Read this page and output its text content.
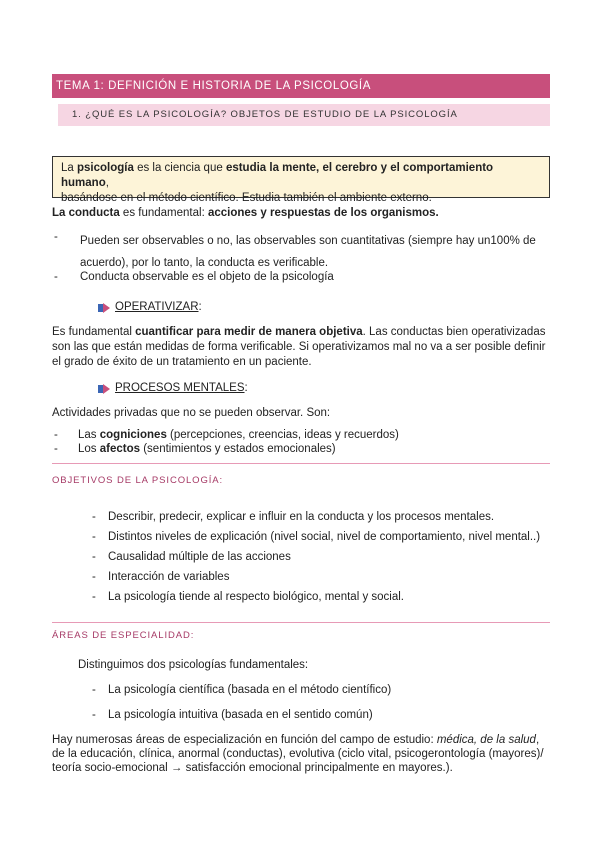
TEMA 1: DEFNICIÓN E HISTORIA DE LA PSICOLOGÍA
1. ¿QUÉ ES LA PSICOLOGÍA? OBJETOS DE ESTUDIO DE LA PSICOLOGÍA
La psicología es la ciencia que estudia la mente, el cerebro y el comportamiento humano,
basándose en el método científico. Estudia también el ambiente externo.
La conducta es fundamental: acciones y respuestas de los organismos.
- Pueden ser observables o no, las observables son cuantitativas (siempre hay un100% de
acuerdo), por lo tanto, la conducta es verificable.
- Conducta observable es el objeto de la psicología
OPERATIVIZAR:
Es fundamental cuantificar para medir de manera objetiva. Las conductas bien operativizadas
son las que están medidas de forma verificable. Si operativizamos mal no va a ser posible definir
el grado de éxito de un tratamiento en un paciente.
PROCESOS MENTALES:
Actividades privadas que no se pueden observar. Son:
- Las cogniciones (percepciones, creencias, ideas y recuerdos)
- Los afectos (sentimientos y estados emocionales)
OBJETIVOS DE LA PSICOLOGÍA:
- Describir, predecir, explicar e influir en la conducta y los procesos mentales.
- Distintos niveles de explicación (nivel social, nivel de comportamiento, nivel mental..)
- Causalidad múltiple de las acciones
- Interacción de variables
- La psicología tiende al respecto biológico, mental y social.
ÁREAS DE ESPECIALIDAD:
Distinguimos dos psicologías fundamentales:
- La psicología científica (basada en el método científico)
- La psicología intuitiva (basada en el sentido común)
Hay numerosas áreas de especialización en función del campo de estudio: médica, de la salud,
de la educación, clínica, anormal (conductas), evolutiva (ciclo vital, psicogerontología (mayores)/
teoría socio-emocional → satisfacción emocional principalmente en mayores.).
